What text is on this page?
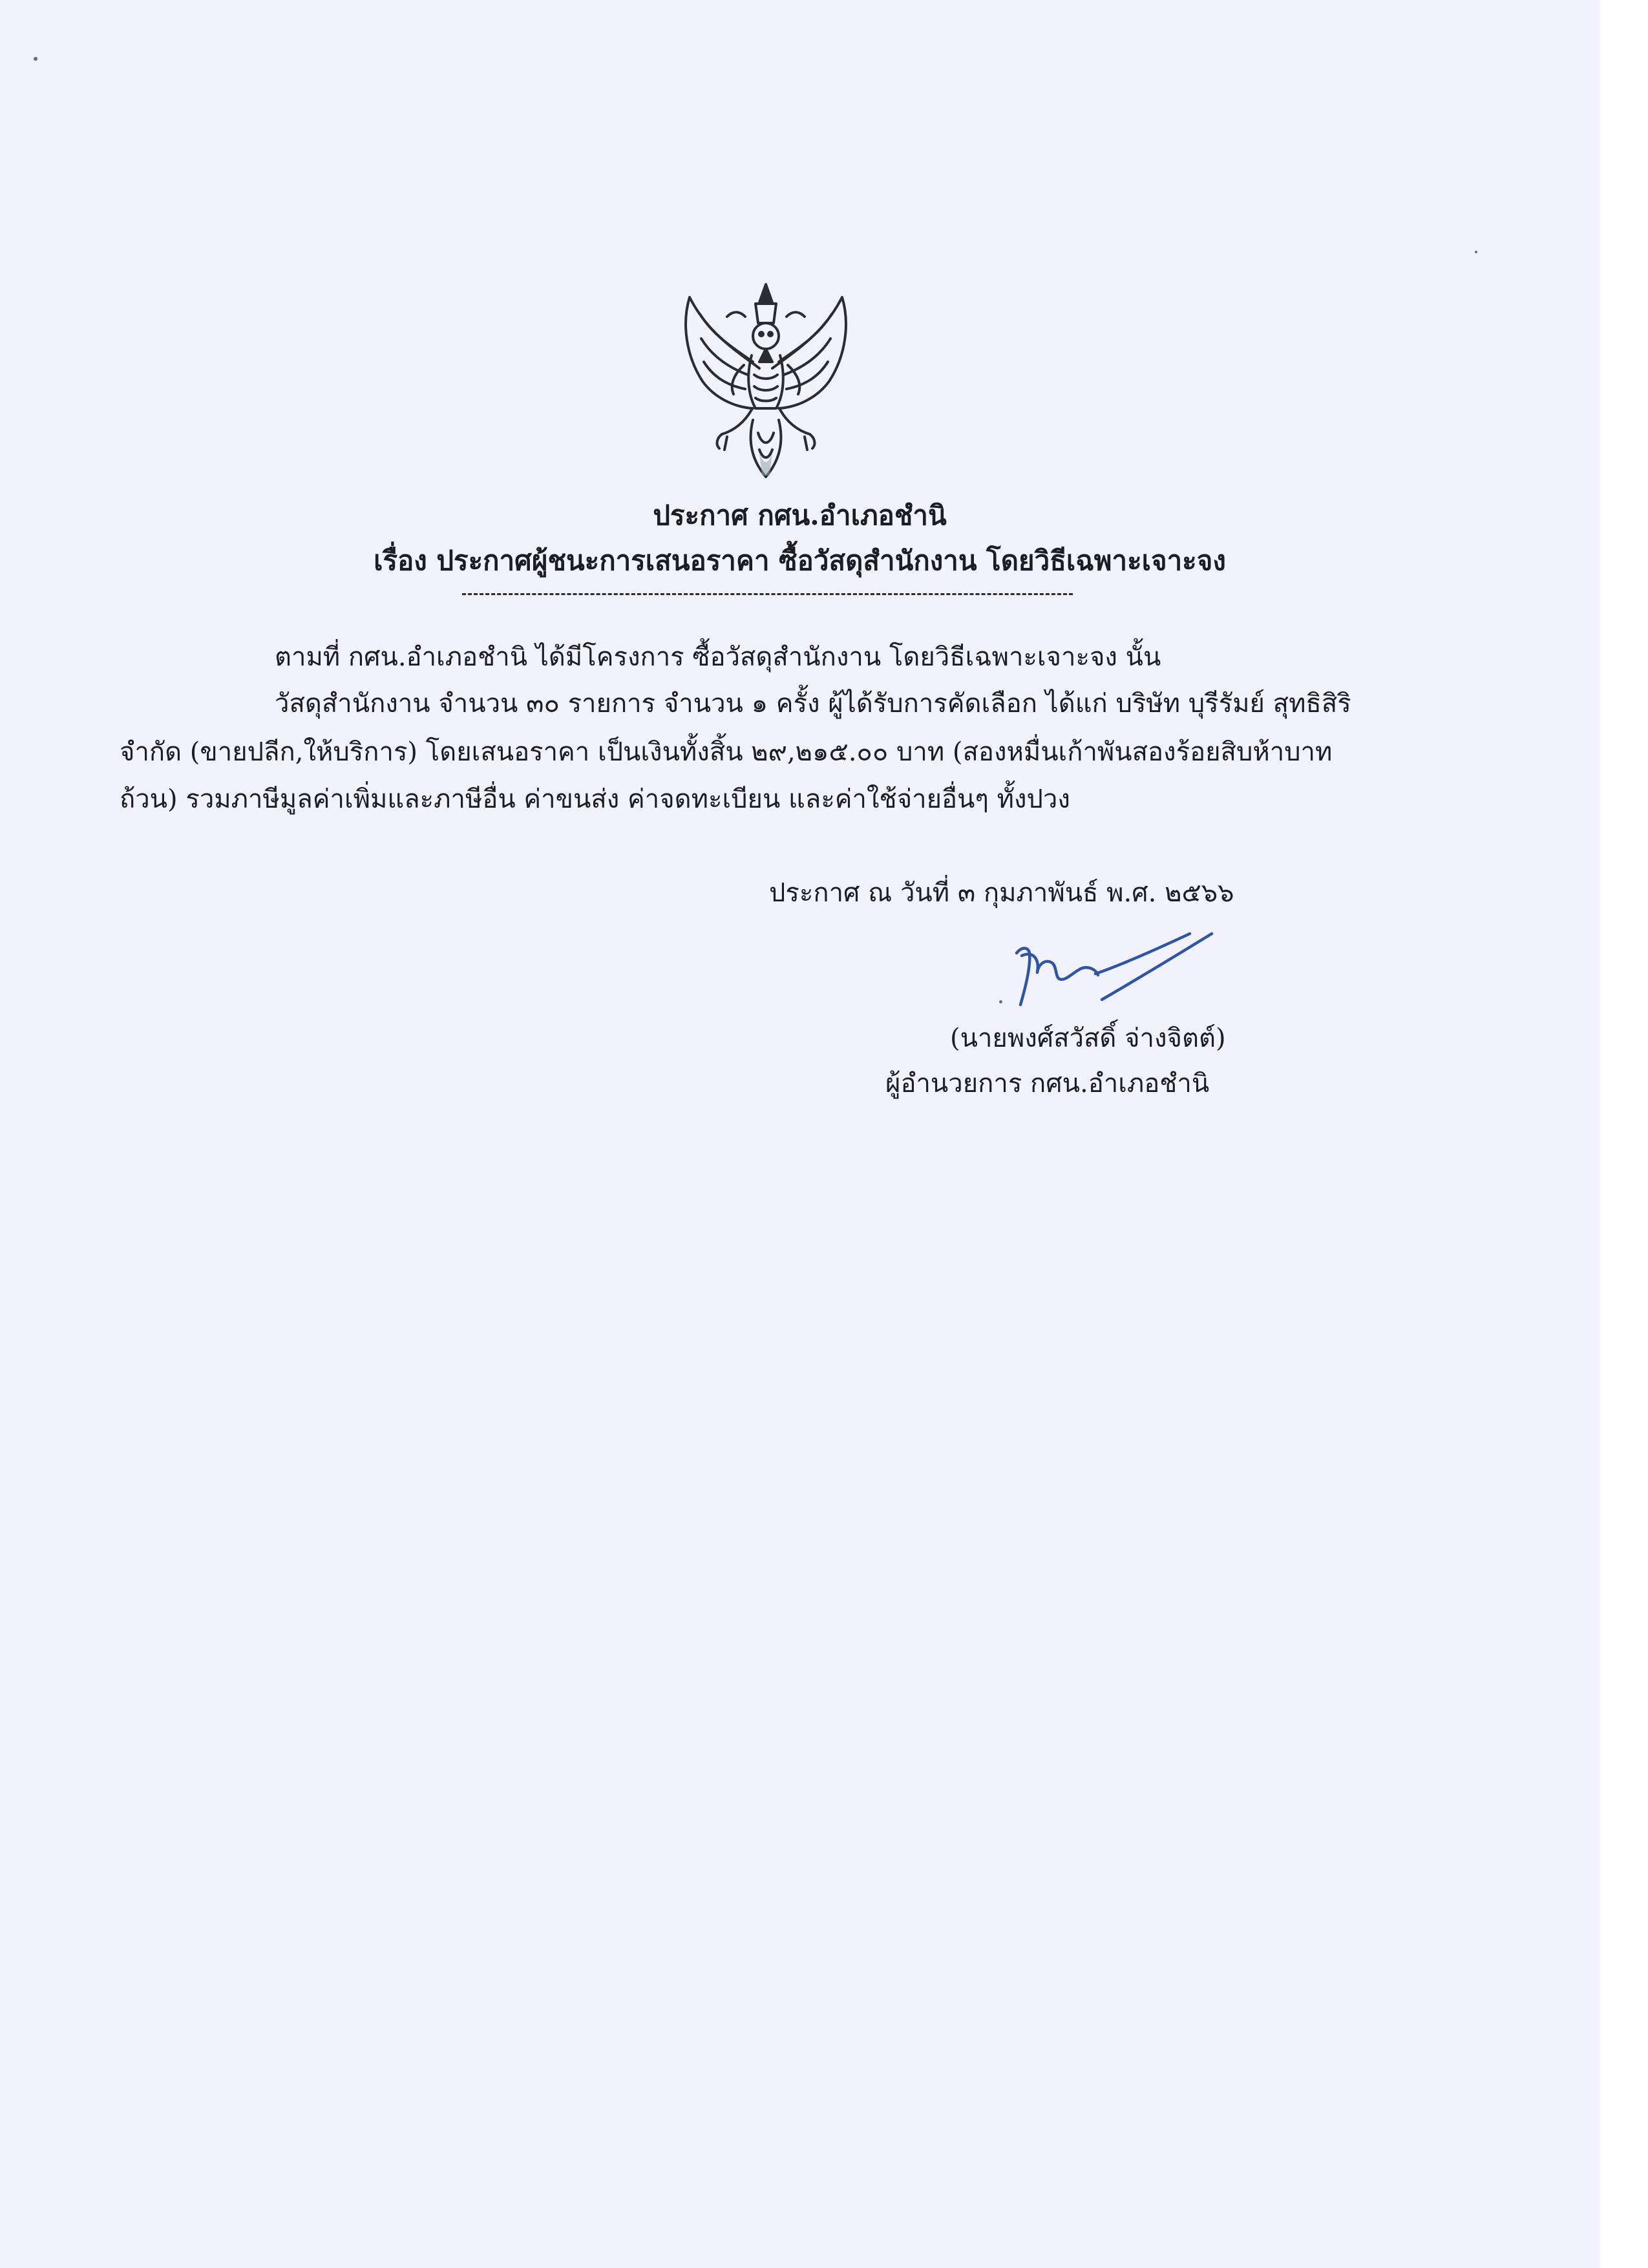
ประกาศ กศน.อำเภอชำนิ
เรื่อง ประกาศผู้ชนะการเสนอราคา ซื้อวัสดุสำนักงาน โดยวิธีเฉพาะเจาะจง
ตามที่ กศน.อำเภอชำนิ ได้มีโครงการ ซื้อวัสดุสำนักงาน โดยวิธีเฉพาะเจาะจง นั้น
วัสดุสำนักงาน จำนวน ๓๐ รายการ จำนวน ๑ ครั้ง ผู้ได้รับการคัดเลือก ได้แก่ บริษัท บุรีรัมย์ สุทธิสิริ
จำกัด (ขายปลีก,ให้บริการ) โดยเสนอราคา เป็นเงินทั้งสิ้น ๒๙,๒๑๕.๐๐ บาท (สองหมื่นเก้าพันสองร้อยสิบห้าบาท
ถ้วน) รวมภาษีมูลค่าเพิ่มและภาษีอื่น ค่าขนส่ง ค่าจดทะเบียน และค่าใช้จ่ายอื่นๆ ทั้งปวง
ประกาศ ณ วันที่ ๓ กุมภาพันธ์ พ.ศ. ๒๕๖๖
(นายพงศ์สวัสดิ์ จ่างจิตต์)
ผู้อำนวยการ กศน.อำเภอชำนิ
